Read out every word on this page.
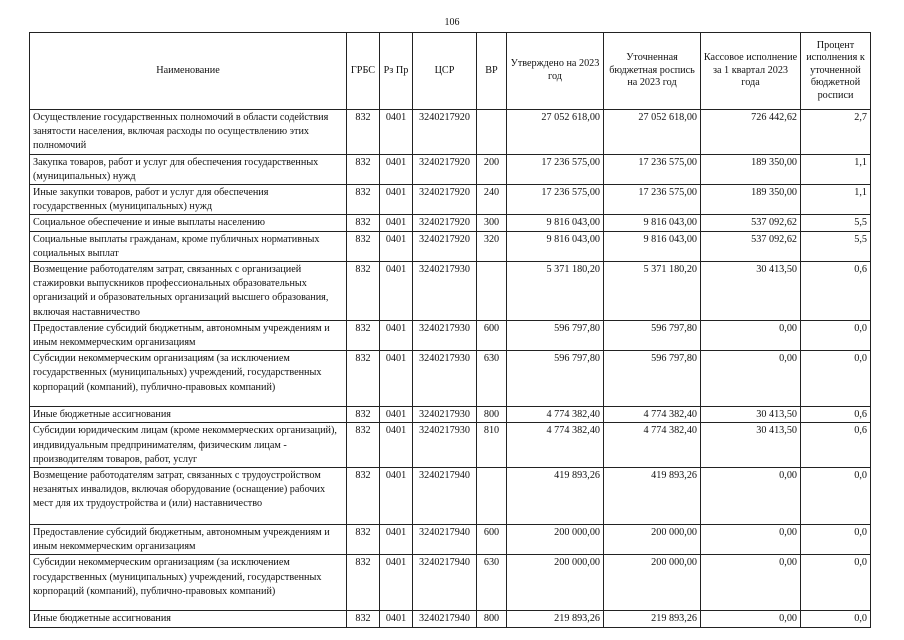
106
Наименование	ГРБС	Рз Пр	ЦСР	ВР	Утверждено на 2023 год	Уточненная бюджетная роспись на 2023 год	Кассовое исполнение за 1 квартал 2023 года	Процент исполнения к уточненной бюджетной росписи
Осуществление государственных полномочий в области содействия занятости населения, включая расходы по осуществлению этих полномочий	832	0401	3240217920		27 052 618,00	27 052 618,00	726 442,62	2,7
Закупка товаров, работ и услуг для обеспечения государственных (муниципальных) нужд	832	0401	3240217920	200	17 236 575,00	17 236 575,00	189 350,00	1,1
Иные закупки товаров, работ и услуг для обеспечения государственных (муниципальных) нужд	832	0401	3240217920	240	17 236 575,00	17 236 575,00	189 350,00	1,1
Социальное обеспечение и иные выплаты населению	832	0401	3240217920	300	9 816 043,00	9 816 043,00	537 092,62	5,5
Социальные выплаты гражданам, кроме публичных нормативных социальных выплат	832	0401	3240217920	320	9 816 043,00	9 816 043,00	537 092,62	5,5
Возмещение работодателям затрат, связанных с организацией стажировки выпускников профессиональных образовательных организаций и образовательных организаций высшего образования, включая наставничество	832	0401	3240217930		5 371 180,20	5 371 180,20	30 413,50	0,6
Предоставление субсидий бюджетным, автономным учреждениям и иным некоммерческим организациям	832	0401	3240217930	600	596 797,80	596 797,80	0,00	0,0
Субсидии некоммерческим организациям (за исключением государственных (муниципальных) учреждений, государственных корпораций (компаний), публично-правовых компаний)	832	0401	3240217930	630	596 797,80	596 797,80	0,00	0,0
Иные бюджетные ассигнования	832	0401	3240217930	800	4 774 382,40	4 774 382,40	30 413,50	0,6
Субсидии юридическим лицам (кроме некоммерческих организаций), индивидуальным предпринимателям, физическим лицам - производителям товаров, работ, услуг	832	0401	3240217930	810	4 774 382,40	4 774 382,40	30 413,50	0,6
Возмещение работодателям затрат, связанных с трудоустройством незанятых инвалидов, включая оборудование (оснащение) рабочих мест для их трудоустройства и (или) наставничество	832	0401	3240217940		419 893,26	419 893,26	0,00	0,0
Предоставление субсидий бюджетным, автономным учреждениям и иным некоммерческим организациям	832	0401	3240217940	600	200 000,00	200 000,00	0,00	0,0
Субсидии некоммерческим организациям (за исключением государственных (муниципальных) учреждений, государственных корпораций (компаний), публично-правовых компаний)	832	0401	3240217940	630	200 000,00	200 000,00	0,00	0,0
Иные бюджетные ассигнования	832	0401	3240217940	800	219 893,26	219 893,26	0,00	0,0
